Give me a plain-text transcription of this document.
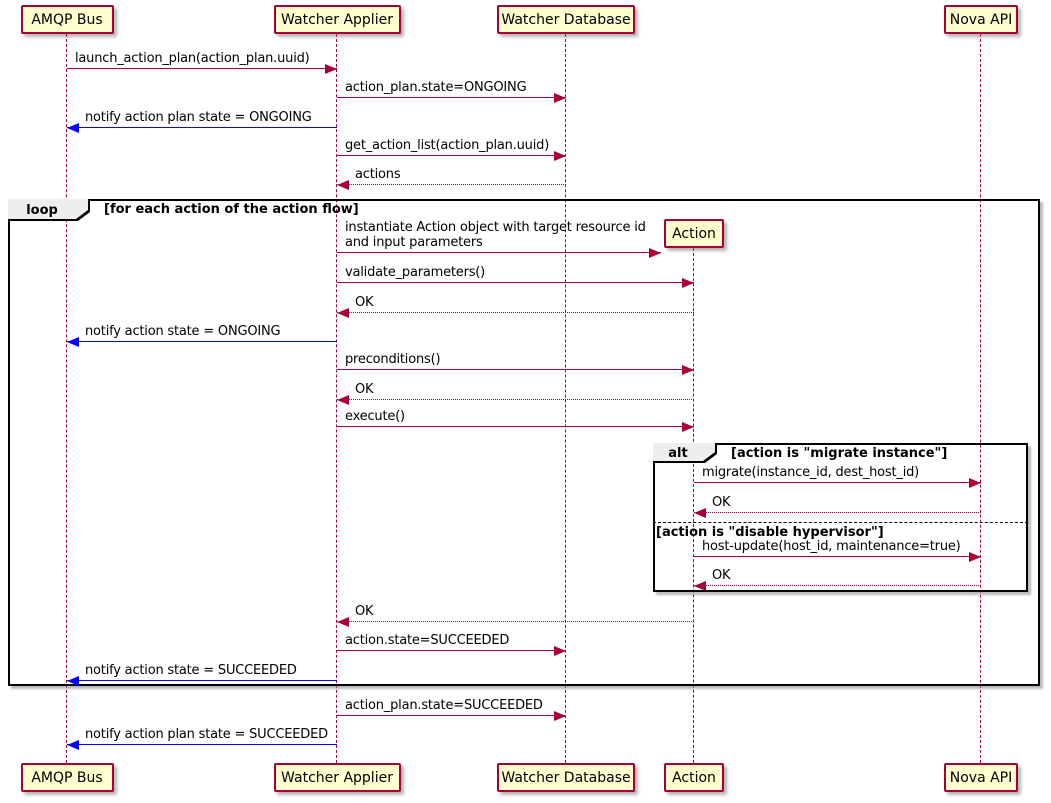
loop	[for each action of the action flow]
alt	[action is "migrate instance"]
[action is "disable hypervisor"]
launch_action_plan(action_plan.uuid)
action_plan.state=ONGOING
notify action plan state = ONGOING
get_action_list(action_plan.uuid)
actions
instantiate Action object with target resource id
and input parameters
validate_parameters()
OK
notify action state = ONGOING
preconditions()
OK
execute()
migrate(instance_id, dest_host_id)
OK
host-update(host_id, maintenance=true)
OK
OK
action.state=SUCCEEDED
notify action state = SUCCEEDED
action_plan.state=SUCCEEDED
notify action plan state = SUCCEEDED
AMQP Bus
AMQP Bus
Watcher Applier
Watcher Applier
Watcher Database
Watcher Database
Action
Action
Nova API
Nova API
